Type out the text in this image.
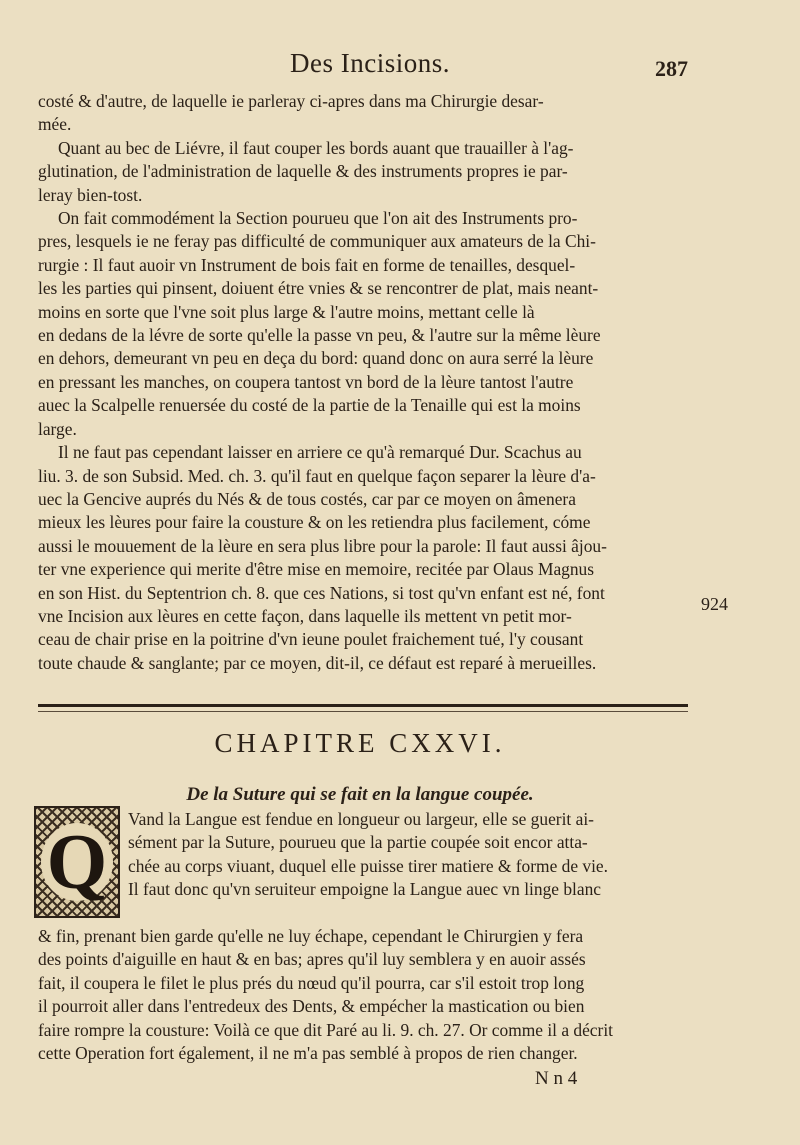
Des Incisions.	287
costé & d'autre, de laquelle ie parleray ci-apres dans ma Chirurgie desar-
mée.
Quant au bec de Liévre, il faut couper les bords auant que trauailler à l'ag-
glutination, de l'administration de laquelle & des instruments propres ie par-
leray bien-tost.
On fait commodément la Section pourueu que l'on ait des Instruments pro-
pres, lesquels ie ne feray pas difficulté de communiquer aux amateurs de la Chi-
rurgie : Il faut auoir vn Instrument de bois fait en forme de tenailles, desquel-
les les parties qui pinsent, doiuent étre vnies & se rencontrer de plat, mais neant-
moins en sorte que l'vne soit plus large & l'autre moins, mettant celle là
en dedans de la lévre de sorte qu'elle la passe vn peu, & l'autre sur la même lèure
en dehors, demeurant vn peu en deça du bord: quand donc on aura serré la lèure
en pressant les manches, on coupera tantost vn bord de la lèure tantost l'autre
auec la Scalpelle renuersée du costé de la partie de la Tenaille qui est la moins
large.
Il ne faut pas cependant laisser en arriere ce qu'à remarqué Dur. Scachus au
liu. 3. de son Subsid. Med. ch. 3. qu'il faut en quelque façon separer la lèure d'a-
uec la Gencive auprés du Nés & de tous costés, car par ce moyen on âmenera
mieux les lèures pour faire la cousture & on les retiendra plus facilement, cóme
aussi le mouuement de la lèure en sera plus libre pour la parole: Il faut aussi âjou-
ter vne experience qui merite d'être mise en memoire, recitée par Olaus Magnus
en son Hist. du Septentrion ch. 8. que ces Nations, si tost qu'vn enfant est né, font
vne Incision aux lèures en cette façon, dans laquelle ils mettent vn petit mor-
ceau de chair prise en la poitrine d'vn ieune poulet fraichement tué, l'y cousant
toute chaude & sanglante; par ce moyen, dit-il, ce défaut est reparé à merueilles.
924
CHAPITRE CXXVI.
De la Suture qui se fait en la langue coupée.
Q	Vand la Langue est fendue en longueur ou largeur, elle se guerit ai-
sément par la Suture, pourueu que la partie coupée soit encor atta-
chée au corps viuant, duquel elle puisse tirer matiere & forme de vie.
Il faut donc qu'vn seruiteur empoigne la Langue auec vn linge blanc
& fin, prenant bien garde qu'elle ne luy échape, cependant le Chirurgien y fera
des points d'aiguille en haut & en bas; apres qu'il luy semblera y en auoir assés
fait, il coupera le filet le plus prés du nœud qu'il pourra, car s'il estoit trop long
il pourroit aller dans l'entredeux des Dents, & empécher la mastication ou bien
faire rompre la cousture: Voilà ce que dit Paré au li. 9. ch. 27. Or comme il a décrit
cette Operation fort également, il ne m'a pas semblé à propos de rien changer.
N n 4
